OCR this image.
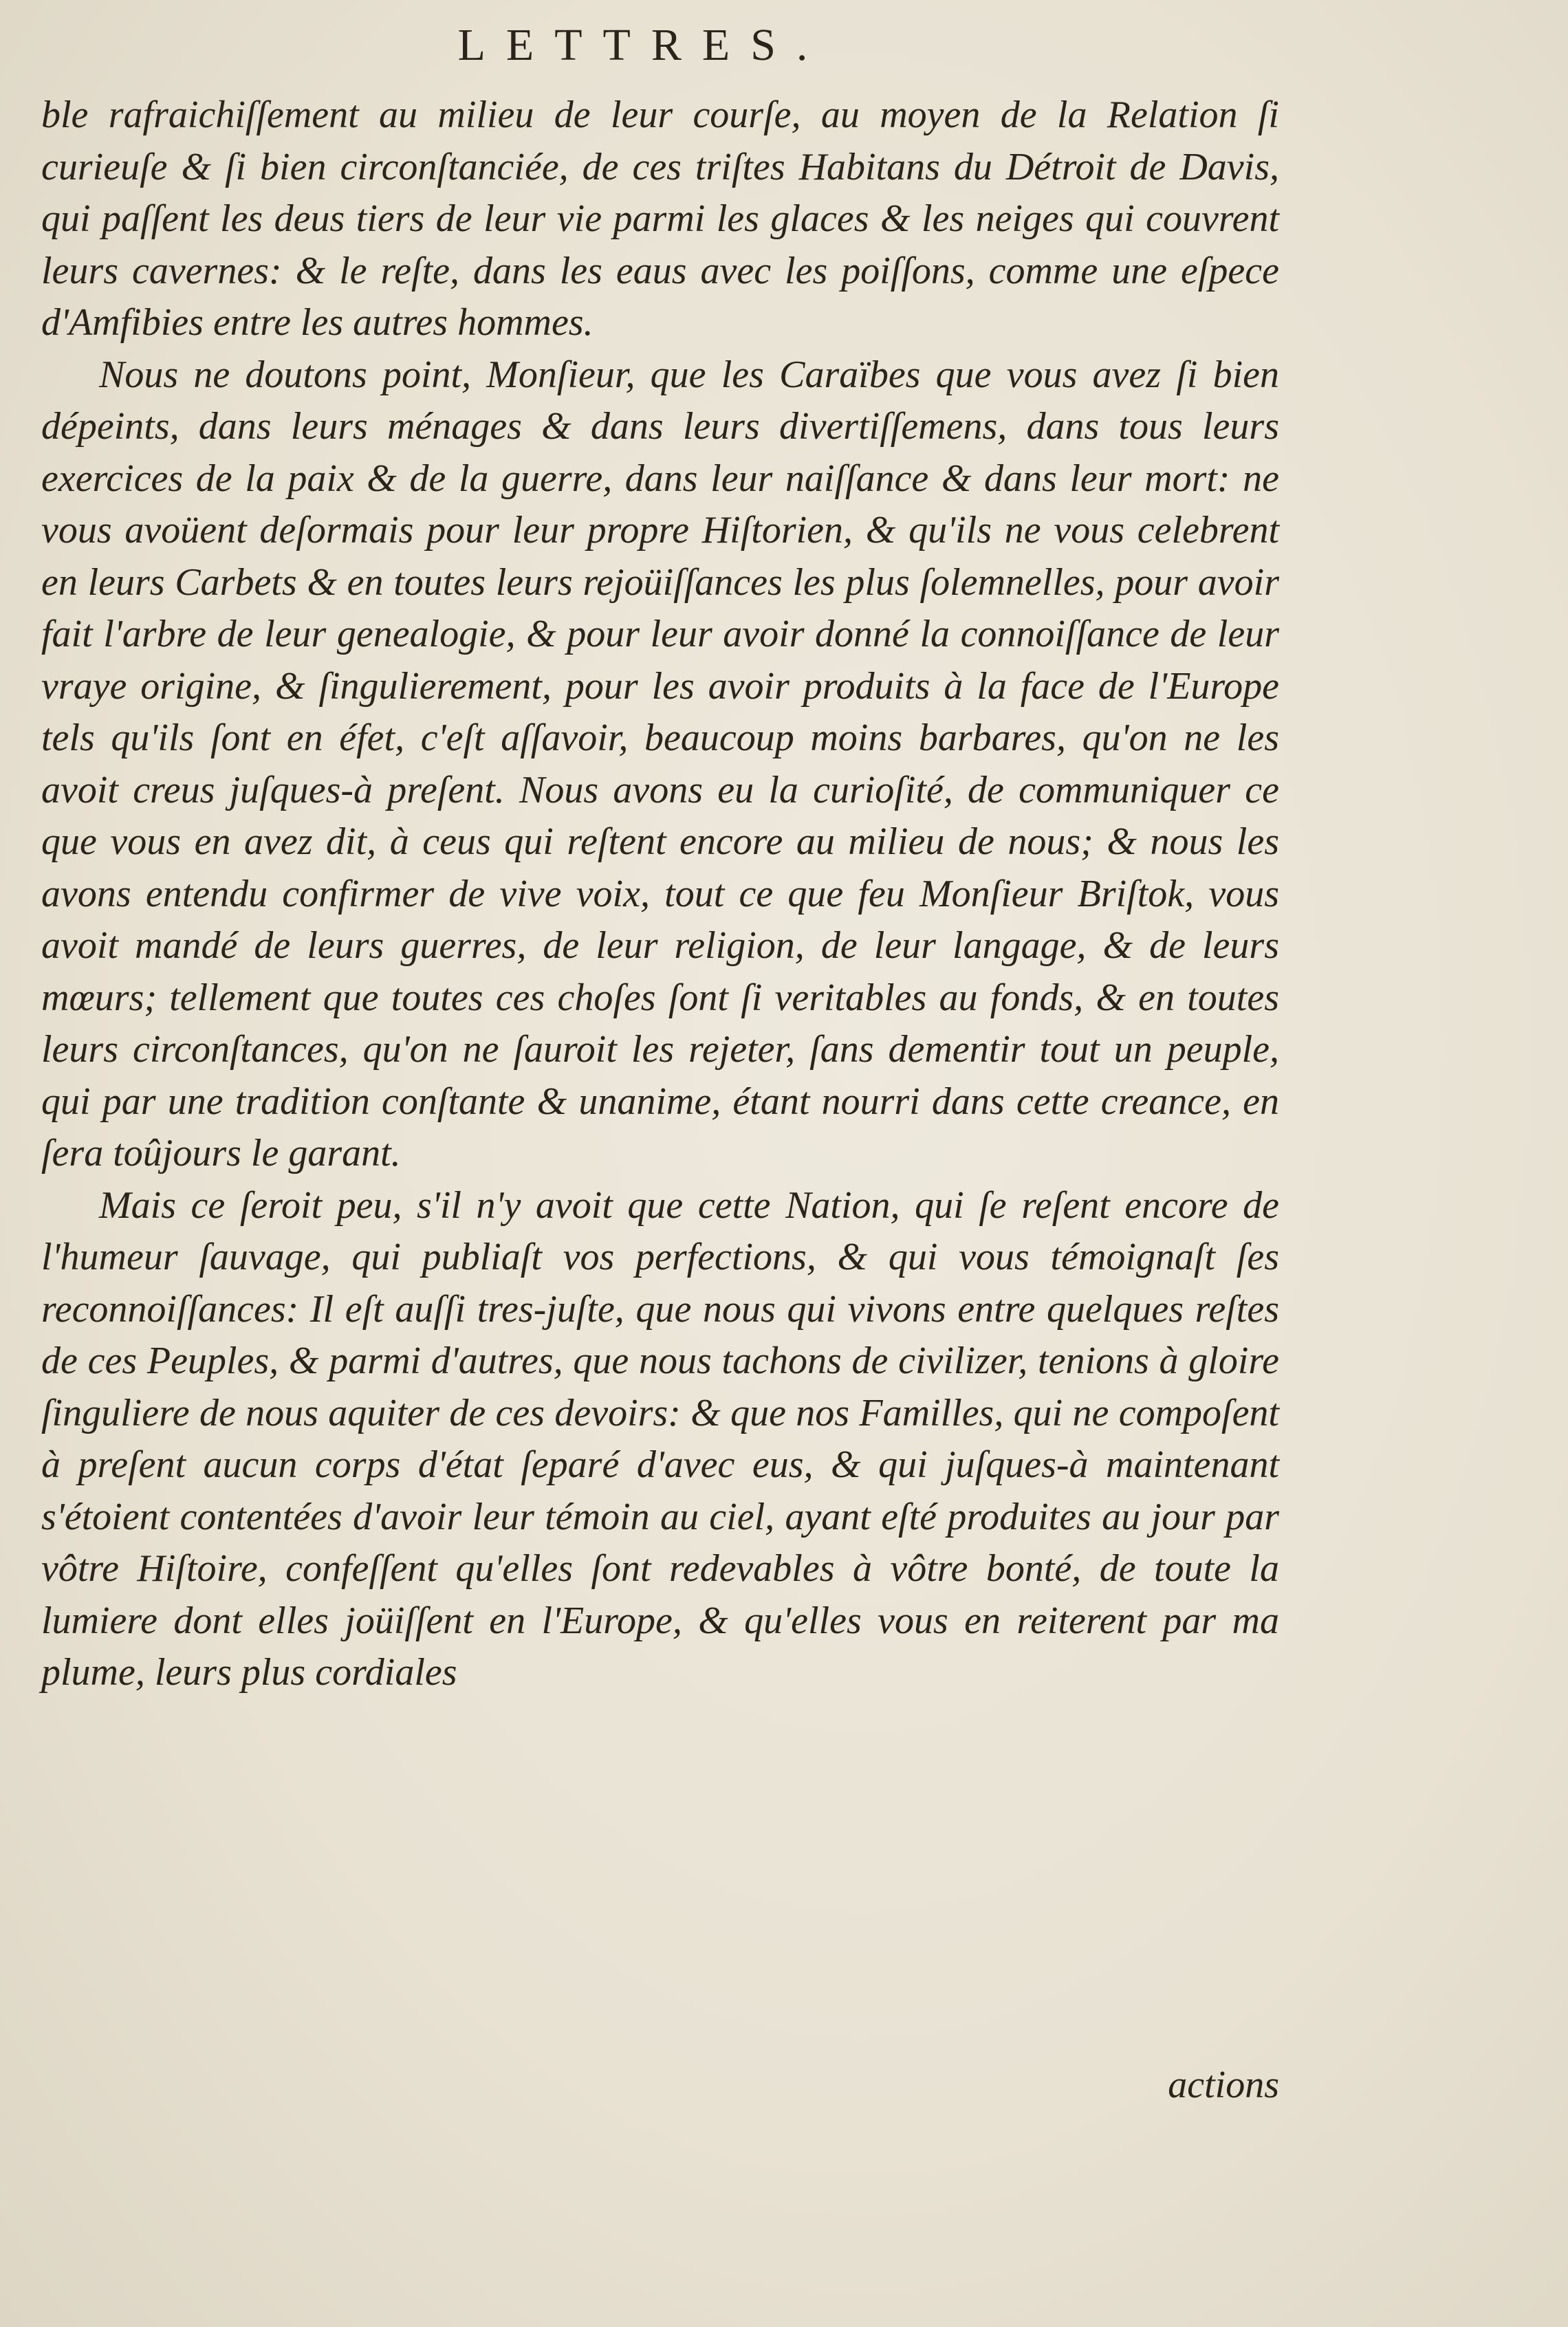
LETTRES.

ble rafraichiſſement au milieu de leur courſe, au moyen de la Relation ſi curieuſe & ſi bien circonſtanciée, de ces triſtes Habitans du Détroit de Davis, qui paſſent les deus tiers de leur vie parmi les glaces & les neiges qui couvrent leurs cavernes: & le reſte, dans les eaus avec les poiſſons, comme une eſpece d'Amfibies entre les autres hommes.

Nous ne doutons point, Monſieur, que les Caraïbes que vous avez ſi bien dépeints, dans leurs ménages & dans leurs divertiſſemens, dans tous leurs exercices de la paix & de la guerre, dans leur naiſſance & dans leur mort: ne vous avoüent deſormais pour leur propre Hiſtorien, & qu'ils ne vous celebrent en leurs Carbets & en toutes leurs rejoüiſſances les plus ſolemnelles, pour avoir fait l'arbre de leur genealogie, & pour leur avoir donné la connoiſſance de leur vraye origine, & ſingulierement, pour les avoir produits à la face de l'Europe tels qu'ils ſont en éfet, c'eſt aſſavoir, beaucoup moins barbares, qu'on ne les avoit creus juſques-à preſent. Nous avons eu la curioſité, de communiquer ce que vous en avez dit, à ceus qui reſtent encore au milieu de nous; & nous les avons entendu confirmer de vive voix, tout ce que feu Monſieur Briſtok, vous avoit mandé de leurs guerres, de leur religion, de leur langage, & de leurs mœurs; tellement que toutes ces choſes ſont ſi veritables au fonds, & en toutes leurs circonſtances, qu'on ne ſauroit les rejeter, ſans dementir tout un peuple, qui par une tradition conſtante & unanime, étant nourri dans cette creance, en ſera toûjours le garant.

Mais ce ſeroit peu, s'il n'y avoit que cette Nation, qui ſe reſent encore de l'humeur ſauvage, qui publiaſt vos perfections, & qui vous témoignaſt ſes reconnoiſſances: Il eſt auſſi tres-juſte, que nous qui vivons entre quelques reſtes de ces Peuples, & parmi d'autres, que nous tachons de civilizer, tenions à gloire ſinguliere de nous aquiter de ces devoirs: & que nos Familles, qui ne compoſent à preſent aucun corps d'état ſeparé d'avec eus, & qui juſques-à maintenant s'étoient contentées d'avoir leur témoin au ciel, ayant eſté produites au jour par vôtre Hiſtoire, confeſſent qu'elles ſont redevables à vôtre bonté, de toute la lumiere dont elles joüiſſent en l'Europe, & qu'elles vous en reiterent par ma plume, leurs plus cordiales

actions
